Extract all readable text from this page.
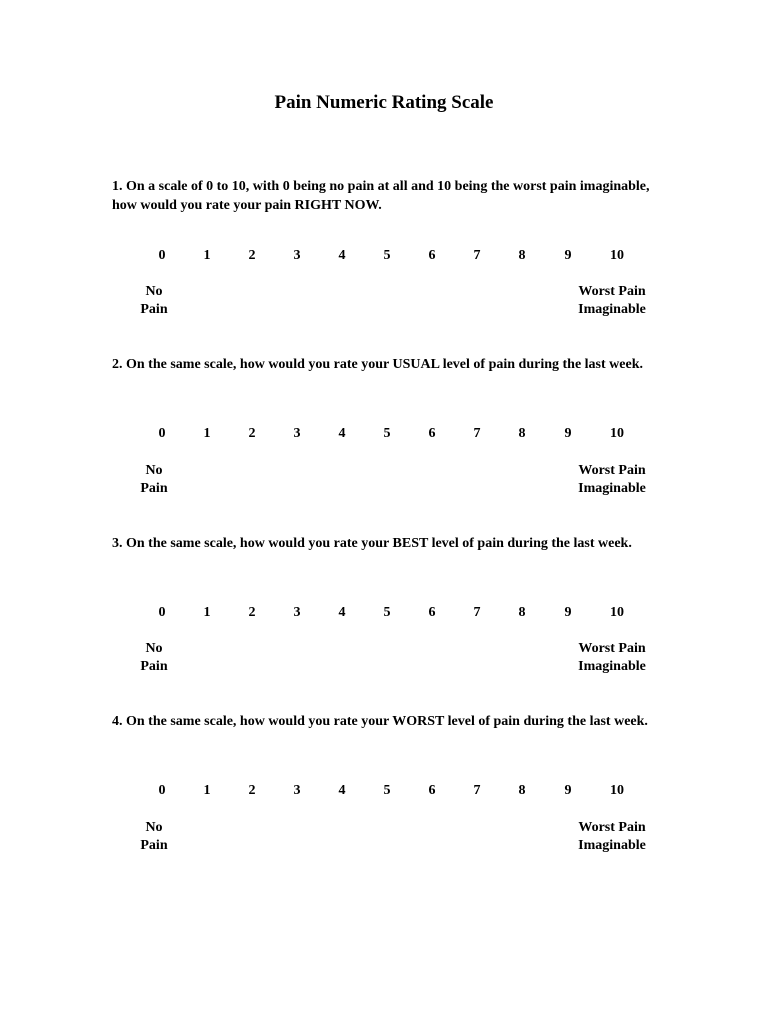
Pain Numeric Rating Scale

1. On a scale of 0 to 10, with 0 being no pain at all and 10 being the worst pain imaginable, how would you rate your pain RIGHT NOW.

0	1	2	3	4	5	6	7	8	9	10
No
Pain
Worst Pain
Imaginable

2. On the same scale, how would you rate your USUAL level of pain during the last week.

0	1	2	3	4	5	6	7	8	9	10
No
Pain
Worst Pain
Imaginable

3. On the same scale, how would you rate your BEST level of pain during the last week.

0	1	2	3	4	5	6	7	8	9	10
No
Pain
Worst Pain
Imaginable

4. On the same scale, how would you rate your WORST level of pain during the last week.

0	1	2	3	4	5	6	7	8	9	10
No
Pain
Worst Pain
Imaginable
